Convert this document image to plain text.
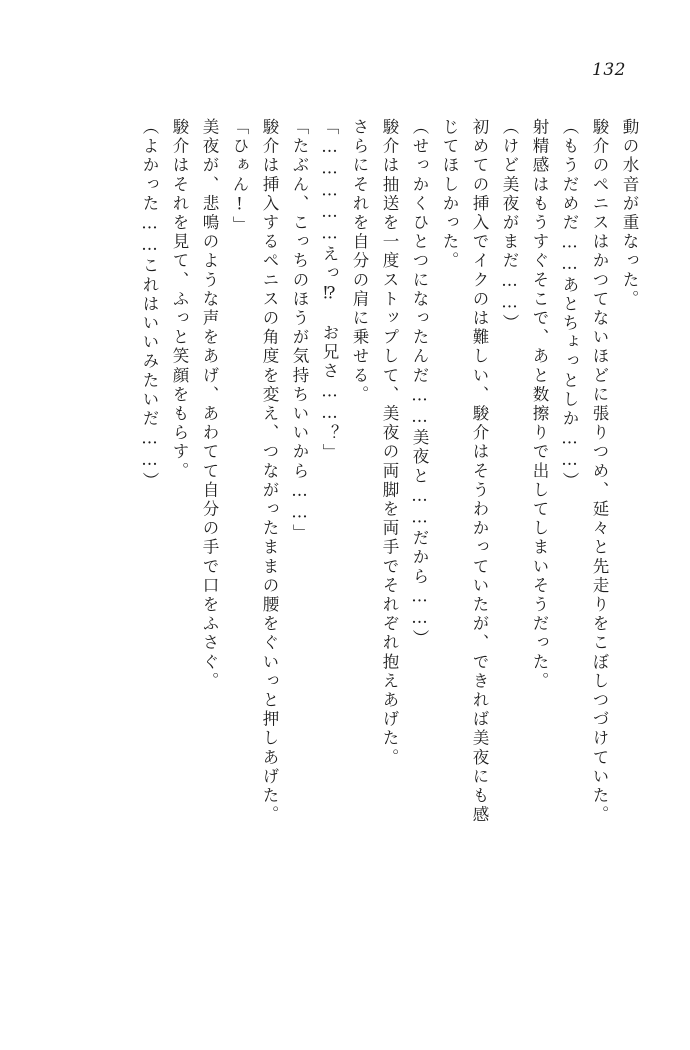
132
動の水音が重なった。
駿介のペニスはかつてないほどに張りつめ、延々と先走りをこぼしつづけていた。
（もうだめだ……あとちょっとしか……）
射精感はもうすぐそこで、あと数擦りで出してしまいそうだった。
（けど美夜がまだ……）
初めての挿入でイクのは難しい、駿介はそうわかっていたが、できれば美夜にも感
じてほしかった。
（せっかくひとつになったんだ……美夜と……だから……）
駿介は抽送を一度ストップして、美夜の両脚を両手でそれぞれ抱えあげた。
さらにそれを自分の肩に乗せる。
「……………えっ⁉　お兄さ……？」
「たぶん、こっちのほうが気持ちいいから……」
駿介は挿入するペニスの角度を変え、つながったままの腰をぐいっと押しあげた。
「ひぁん!」
美夜が、悲鳴のような声をあげ、あわてて自分の手で口をふさぐ。
駿介はそれを見て、ふっと笑顔をもらす。
（よかった……これはいいみたいだ……）
